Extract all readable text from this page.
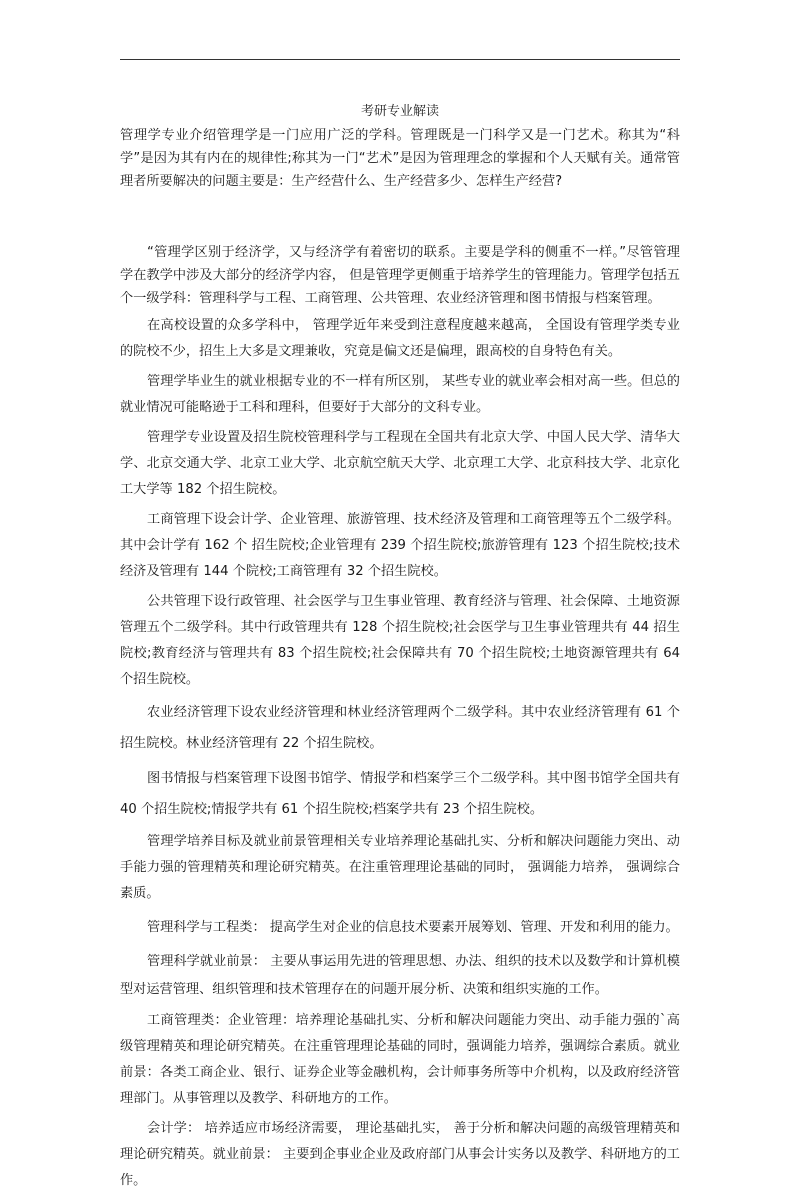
考研专业解读

管理学专业介绍管理学是一门应用广泛的学科。管理既是一门科学又是一门艺术。称其为“科学”是因为其有内在的规律性;称其为一门“艺术”是因为管理理念的掌握和个人天赋有关。通常管理者所要解决的问题主要是：生产经营什么、生产经营多少、怎样生产经营?

“管理学区别于经济学，又与经济学有着密切的联系。主要是学科的侧重不一样。”尽管管理学在教学中涉及大部分的经济学内容， 但是管理学更侧重于培养学生的管理能力。管理学包括五个一级学科：管理科学与工程、工商管理、公共管理、农业经济管理和图书情报与档案管理。

在高校设置的众多学科中， 管理学近年来受到注意程度越来越高， 全国设有管理学类专业的院校不少，招生上大多是文理兼收，究竟是偏文还是偏理，跟高校的自身特色有关。

管理学毕业生的就业根据专业的不一样有所区别， 某些专业的就业率会相对高一些。但总的就业情况可能略逊于工科和理科，但要好于大部分的文科专业。

管理学专业设置及招生院校管理科学与工程现在全国共有北京大学、中国人民大学、清华大学、北京交通大学、北京工业大学、北京航空航天大学、北京理工大学、北京科技大学、北京化工大学等 182 个招生院校。

工商管理下设会计学、企业管理、旅游管理、技术经济及管理和工商管理等五个二级学科。其中会计学有 162 个 招生院校;企业管理有 239 个招生院校;旅游管理有 123 个招生院校;技术经济及管理有 144 个院校;工商管理有 32 个招生院校。

公共管理下设行政管理、社会医学与卫生事业管理、教育经济与管理、社会保障、土地资源管理五个二级学科。其中行政管理共有 128 个招生院校;社会医学与卫生事业管理共有 44 招生院校;教育经济与管理共有 83 个招生院校;社会保障共有 70 个招生院校;土地资源管理共有 64 个招生院校。

农业经济管理下设农业经济管理和林业经济管理两个二级学科。其中农业经济管理有 61 个招生院校。林业经济管理有 22 个招生院校。

图书情报与档案管理下设图书馆学、情报学和档案学三个二级学科。其中图书馆学全国共有 40 个招生院校;情报学共有 61 个招生院校;档案学共有 23 个招生院校。

管理学培养目标及就业前景管理相关专业培养理论基础扎实、分析和解决问题能力突出、动手能力强的管理精英和理论研究精英。在注重管理理论基础的同时， 强调能力培养， 强调综合素质。

管理科学与工程类： 提高学生对企业的信息技术要素开展筹划、管理、开发和利用的能力。

管理科学就业前景： 主要从事运用先进的管理思想、办法、组织的技术以及数学和计算机模型对运营管理、组织管理和技术管理存在的问题开展分析、决策和组织实施的工作。

工商管理类：企业管理：培养理论基础扎实、分析和解决问题能力突出、动手能力强的`高级管理精英和理论研究精英。在注重管理理论基础的同时，强调能力培养，强调综合素质。就业前景：各类工商企业、银行、证券企业等金融机构，会计师事务所等中介机构，以及政府经济管理部门。从事管理以及教学、科研地方的工作。

会计学： 培养适应市场经济需要， 理论基础扎实， 善于分析和解决问题的高级管理精英和理论研究精英。就业前景： 主要到企事业企业及政府部门从事会计实务以及教学、科研地方的工作。
